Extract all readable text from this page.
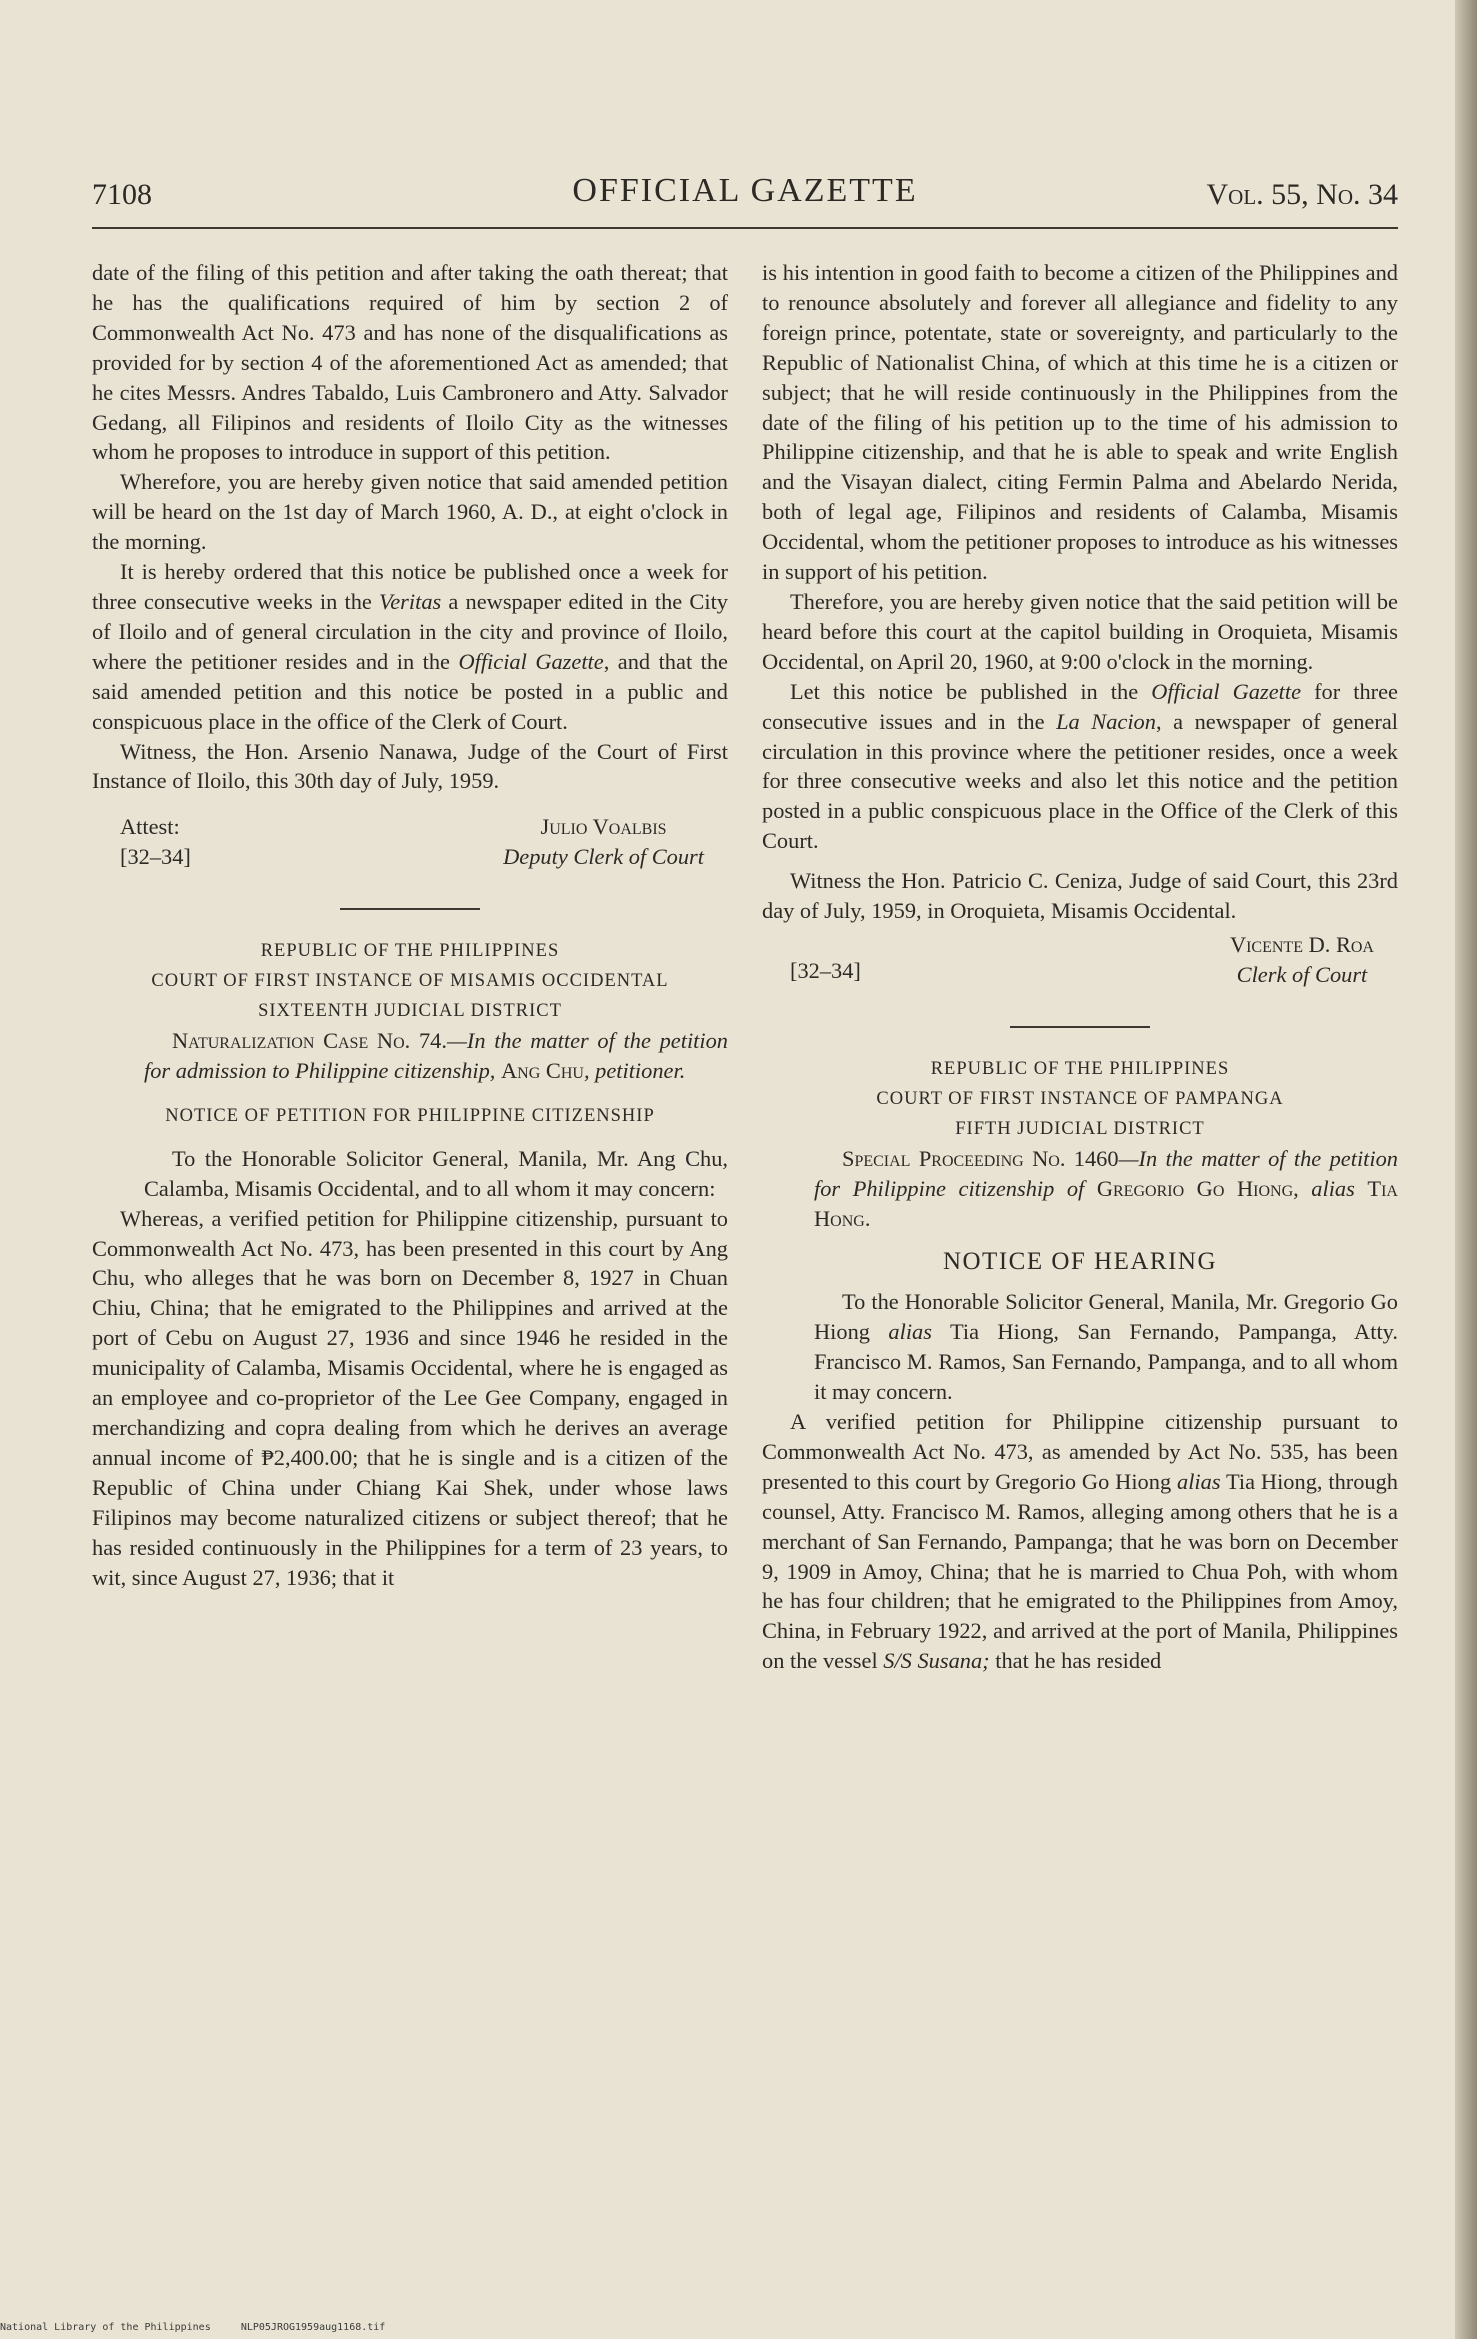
7108	OFFICIAL GAZETTE	Vol. 55, No. 34

date of the filing of this petition and after taking the oath thereat; that he has the qualifications required of him by section 2 of Commonwealth Act No. 473 and has none of the disqualifications as provided for by section 4 of the aforementioned Act as amended; that he cites Messrs. Andres Tabaldo, Luis Cambronero and Atty. Salvador Gedang, all Filipinos and residents of Iloilo City as the witnesses whom he proposes to introduce in support of this petition.

Wherefore, you are hereby given notice that said amended petition will be heard on the 1st day of March 1960, A. D., at eight o'clock in the morning.

It is hereby ordered that this notice be published once a week for three consecutive weeks in the Veritas a newspaper edited in the City of Iloilo and of general circulation in the city and province of Iloilo, where the petitioner resides and in the Official Gazette, and that the said amended petition and this notice be posted in a public and conspicuous place in the office of the Clerk of Court.

Witness, the Hon. Arsenio Nanawa, Judge of the Court of First Instance of Iloilo, this 30th day of July, 1959.

Attest:
[32–34]
Julio Voalbis
Deputy Clerk of Court
REPUBLIC OF THE PHILIPPINES
COURT OF FIRST INSTANCE OF MISAMIS OCCIDENTAL
SIXTEENTH JUDICIAL DISTRICT

Naturalization Case No. 74.—In the matter of the petition for admission to Philippine citizenship, Ang Chu, petitioner.

NOTICE OF PETITION FOR PHILIPPINE CITIZENSHIP

To the Honorable Solicitor General, Manila, Mr. Ang Chu, Calamba, Misamis Occidental, and to all whom it may concern:

Whereas, a verified petition for Philippine citizenship, pursuant to Commonwealth Act No. 473, has been presented in this court by Ang Chu, who alleges that he was born on December 8, 1927 in Chuan Chiu, China; that he emigrated to the Philippines and arrived at the port of Cebu on August 27, 1936 and since 1946 he resided in the municipality of Calamba, Misamis Occidental, where he is engaged as an employee and co-proprietor of the Lee Gee Company, engaged in merchandizing and copra dealing from which he derives an average annual income of ₱2,400.00; that he is single and is a citizen of the Republic of China under Chiang Kai Shek, under whose laws Filipinos may become naturalized citizens or subject thereof; that he has resided continuously in the Philippines for a term of 23 years, to wit, since August 27, 1936; that it

is his intention in good faith to become a citizen of the Philippines and to renounce absolutely and forever all allegiance and fidelity to any foreign prince, potentate, state or sovereignty, and particularly to the Republic of Nationalist China, of which at this time he is a citizen or subject; that he will reside continuously in the Philippines from the date of the filing of his petition up to the time of his admission to Philippine citizenship, and that he is able to speak and write English and the Visayan dialect, citing Fermin Palma and Abelardo Nerida, both of legal age, Filipinos and residents of Calamba, Misamis Occidental, whom the petitioner proposes to introduce as his witnesses in support of his petition.

Therefore, you are hereby given notice that the said petition will be heard before this court at the capitol building in Oroquieta, Misamis Occidental, on April 20, 1960, at 9:00 o'clock in the morning.

Let this notice be published in the Official Gazette for three consecutive issues and in the La Nacion, a newspaper of general circulation in this province where the petitioner resides, once a week for three consecutive weeks and also let this notice and the petition posted in a public conspicuous place in the Office of the Clerk of this Court.

Witness the Hon. Patricio C. Ceniza, Judge of said Court, this 23rd day of July, 1959, in Oroquieta, Misamis Occidental.

[32–34]
Vicente D. Roa
Clerk of Court
REPUBLIC OF THE PHILIPPINES
COURT OF FIRST INSTANCE OF PAMPANGA
FIFTH JUDICIAL DISTRICT

Special Proceeding No. 1460—In the matter of the petition for Philippine citizenship of Gregorio Go Hiong, alias Tia Hong.

NOTICE OF HEARING

To the Honorable Solicitor General, Manila, Mr. Gregorio Go Hiong alias Tia Hiong, San Fernando, Pampanga, Atty. Francisco M. Ramos, San Fernando, Pampanga, and to all whom it may concern.

A verified petition for Philippine citizenship pursuant to Commonwealth Act No. 473, as amended by Act No. 535, has been presented to this court by Gregorio Go Hiong alias Tia Hiong, through counsel, Atty. Francisco M. Ramos, alleging among others that he is a merchant of San Fernando, Pampanga; that he was born on December 9, 1909 in Amoy, China; that he is married to Chua Poh, with whom he has four children; that he emigrated to the Philippines from Amoy, China, in February 1922, and arrived at the port of Manila, Philippines on the vessel S/S Susana; that he has resided

National Library of the Philippines     NLP05JROG1959aug1168.tif
